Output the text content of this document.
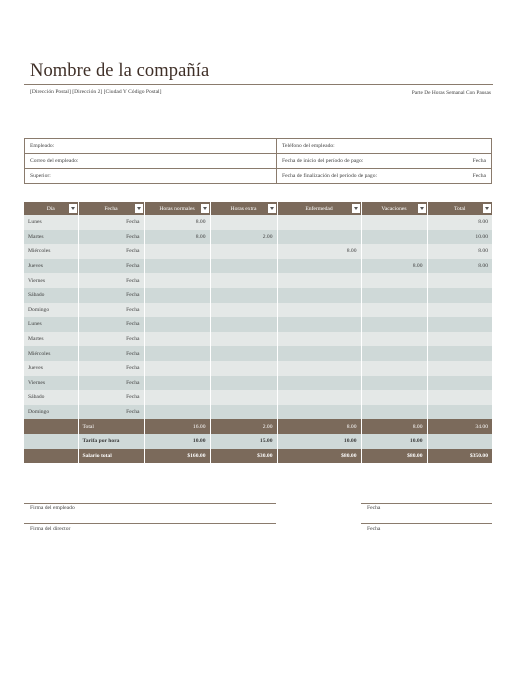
Nombre de la compañía
[Dirección Postal] [Dirección 2] [Ciudad Y Código Postal]	Parte De Horas Semanal Con Pausas
Empleado:	Teléfono del empleado:
Correo del empleado:	Fecha de inicio del período de pago: Fecha

Superior:	Fecha de finalización del período de pago: Fecha
Día	Fecha	Horas normales	Horas extra	Enfermedad	Vacaciones	Total

Lunes	Fecha	8.00				8.00
Martes	Fecha	8.00	2.00			10.00
Miércoles	Fecha			8.00		8.00
Jueves	Fecha				8.00	8.00
Viernes	Fecha					
Sábado	Fecha					
Domingo	Fecha					
Lunes	Fecha					
Martes	Fecha					
Miércoles	Fecha					
Jueves	Fecha					
Viernes	Fecha					
Sábado	Fecha					
Domingo	Fecha					
	Total	16.00	2.00	8.00	8.00	34.00
	Tarifa por hora	10.00	15.00	10.00	10.00	
	Salario total	$160.00	$30.00	$80.00	$80.00	$350.00
Firma del empleado	Fecha
Firma del director	Fecha
